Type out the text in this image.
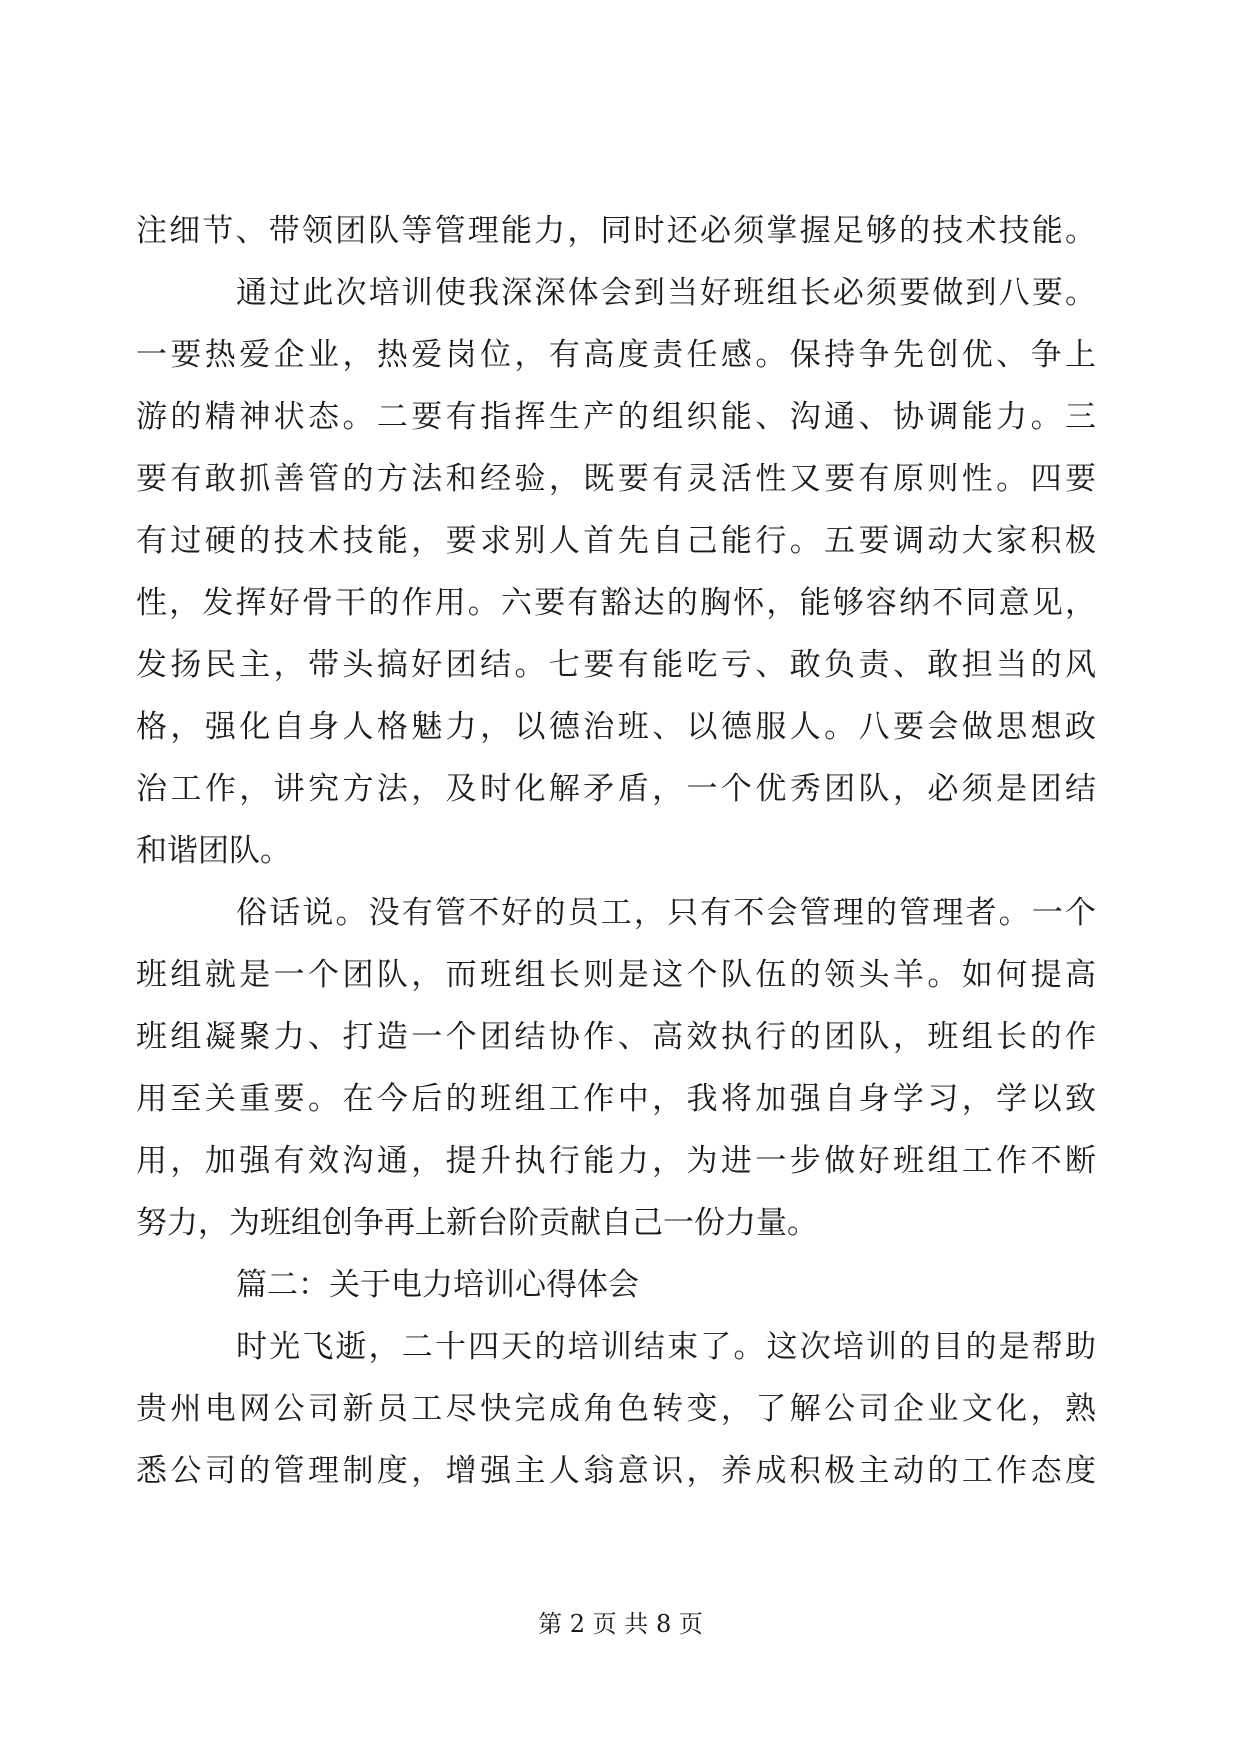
注细节、带领团队等管理能力，同时还必须掌握足够的技术技能。
通过此次培训使我深深体会到当好班组长必须要做到八要。
一要热爱企业，热爱岗位，有高度责任感。保持争先创优、争上
游的精神状态。二要有指挥生产的组织能、沟通、协调能力。三
要有敢抓善管的方法和经验，既要有灵活性又要有原则性。四要
有过硬的技术技能，要求别人首先自己能行。五要调动大家积极
性，发挥好骨干的作用。六要有豁达的胸怀，能够容纳不同意见，
发扬民主，带头搞好团结。七要有能吃亏、敢负责、敢担当的风
格，强化自身人格魅力，以德治班、以德服人。八要会做思想政
治工作，讲究方法，及时化解矛盾，一个优秀团队，必须是团结
和谐团队。
俗话说。没有管不好的员工，只有不会管理的管理者。一个
班组就是一个团队，而班组长则是这个队伍的领头羊。如何提高
班组凝聚力、打造一个团结协作、高效执行的团队，班组长的作
用至关重要。在今后的班组工作中，我将加强自身学习，学以致
用，加强有效沟通，提升执行能力，为进一步做好班组工作不断
努力，为班组创争再上新台阶贡献自己一份力量。
篇二：关于电力培训心得体会
时光飞逝，二十四天的培训结束了。这次培训的目的是帮助
贵州电网公司新员工尽快完成角色转变，了解公司企业文化，熟
悉公司的管理制度，增强主人翁意识，养成积极主动的工作态度
第 2 页 共 8 页
